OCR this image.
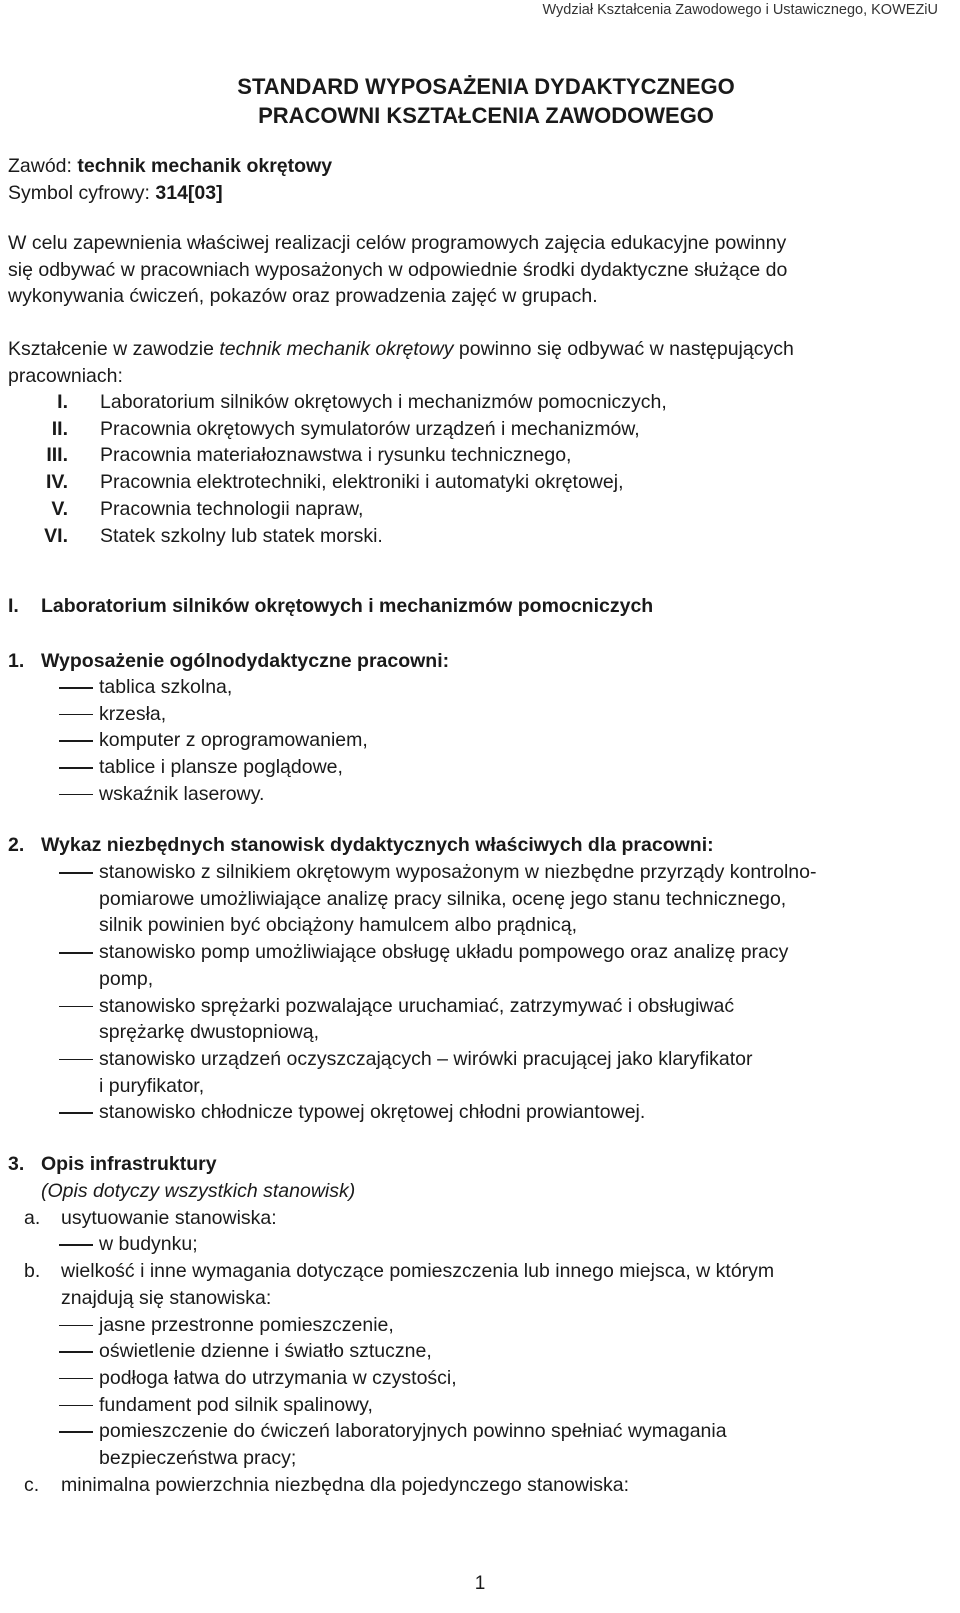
Wydział Kształcenia Zawodowego i Ustawicznego, KOWEZiU
STANDARD WYPOSAŻENIA DYDAKTYCZNEGO
PRACOWNI KSZTAŁCENIA ZAWODOWEGO
Zawód: technik mechanik okrętowy
Symbol cyfrowy: 314[03]
W celu zapewnienia właściwej realizacji celów programowych zajęcia edukacyjne powinny
się odbywać w pracowniach wyposażonych w odpowiednie środki dydaktyczne służące do
wykonywania ćwiczeń, pokazów oraz prowadzenia zajęć w grupach.
Kształcenie w zawodzie technik mechanik okrętowy powinno się odbywać w następujących
pracowniach:
I. Laboratorium silników okrętowych i mechanizmów pomocniczych,
II. Pracownia okrętowych symulatorów urządzeń i mechanizmów,
III. Pracownia materiałoznawstwa i rysunku technicznego,
IV. Pracownia elektrotechniki, elektroniki i automatyki okrętowej,
V. Pracownia technologii napraw,
VI. Statek szkolny lub statek morski.
I. Laboratorium silników okrętowych i mechanizmów pomocniczych
1. Wyposażenie ogólnodydaktyczne pracowni:
tablica szkolna,
krzesła,
komputer z oprogramowaniem,
tablice i plansze poglądowe,
wskaźnik laserowy.
2. Wykaz niezbędnych stanowisk dydaktycznych właściwych dla pracowni:
stanowisko z silnikiem okrętowym wyposażonym w niezbędne przyrządy kontrolno-
pomiarowe umożliwiające analizę pracy silnika, ocenę jego stanu technicznego,
silnik powinien być obciążony hamulcem albo prądnicą,
stanowisko pomp umożliwiające obsługę układu pompowego oraz analizę pracy
pomp,
stanowisko sprężarki pozwalające uruchamiać, zatrzymywać i obsługiwać
sprężarkę dwustopniową,
stanowisko urządzeń oczyszczających – wirówki pracującej jako klaryfikator
i puryfikator,
stanowisko chłodnicze typowej okrętowej chłodni prowiantowej.
3. Opis infrastruktury
(Opis dotyczy wszystkich stanowisk)
a. usytuowanie stanowiska:
w budynku;
b. wielkość i inne wymagania dotyczące pomieszczenia lub innego miejsca, w którym
znajdują się stanowiska:
jasne przestronne pomieszczenie,
oświetlenie dzienne i światło sztuczne,
podłoga łatwa do utrzymania w czystości,
fundament pod silnik spalinowy,
pomieszczenie do ćwiczeń laboratoryjnych powinno spełniać wymagania
bezpieczeństwa pracy;
c. minimalna powierzchnia niezbędna dla pojedynczego stanowiska:
1
